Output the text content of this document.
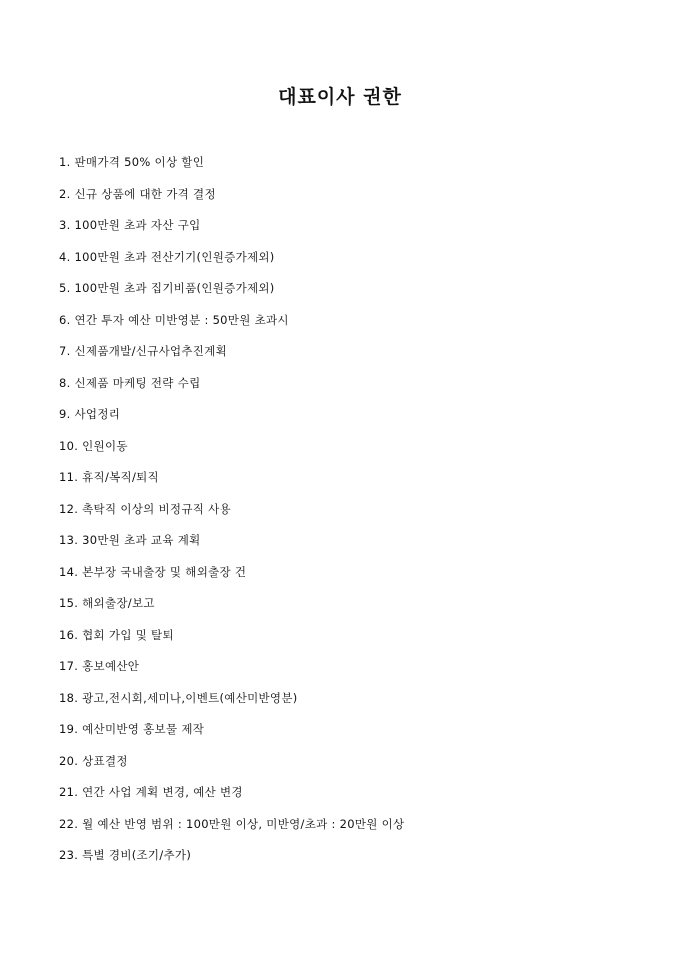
대표이사 권한
1. 판매가격 50% 이상 할인
2. 신규 상품에 대한 가격 결정
3. 100만원 초과 자산 구입
4. 100만원 초과 전산기기(인원증가제외)
5. 100만원 초과 집기비품(인원증가제외)
6. 연간 투자 예산 미반영분 : 50만원 초과시
7. 신제품개발/신규사업추진계획
8. 신제품 마케팅 전략 수립
9. 사업정리
10. 인원이동
11. 휴직/복직/퇴직
12. 촉탁직 이상의 비정규직 사용
13. 30만원 초과 교육 계획
14. 본부장 국내출장 및 해외출장 건
15. 해외출장/보고
16. 협회 가입 및 탈퇴
17. 홍보예산안
18. 광고,전시회,세미나,이벤트(예산미반영분)
19. 예산미반영 홍보물 제작
20. 상표결정
21. 연간 사업 계획 변경, 예산 변경
22. 월 예산 반영 범위 : 100만원 이상, 미반영/초과 : 20만원 이상
23. 특별 경비(조기/추가)
